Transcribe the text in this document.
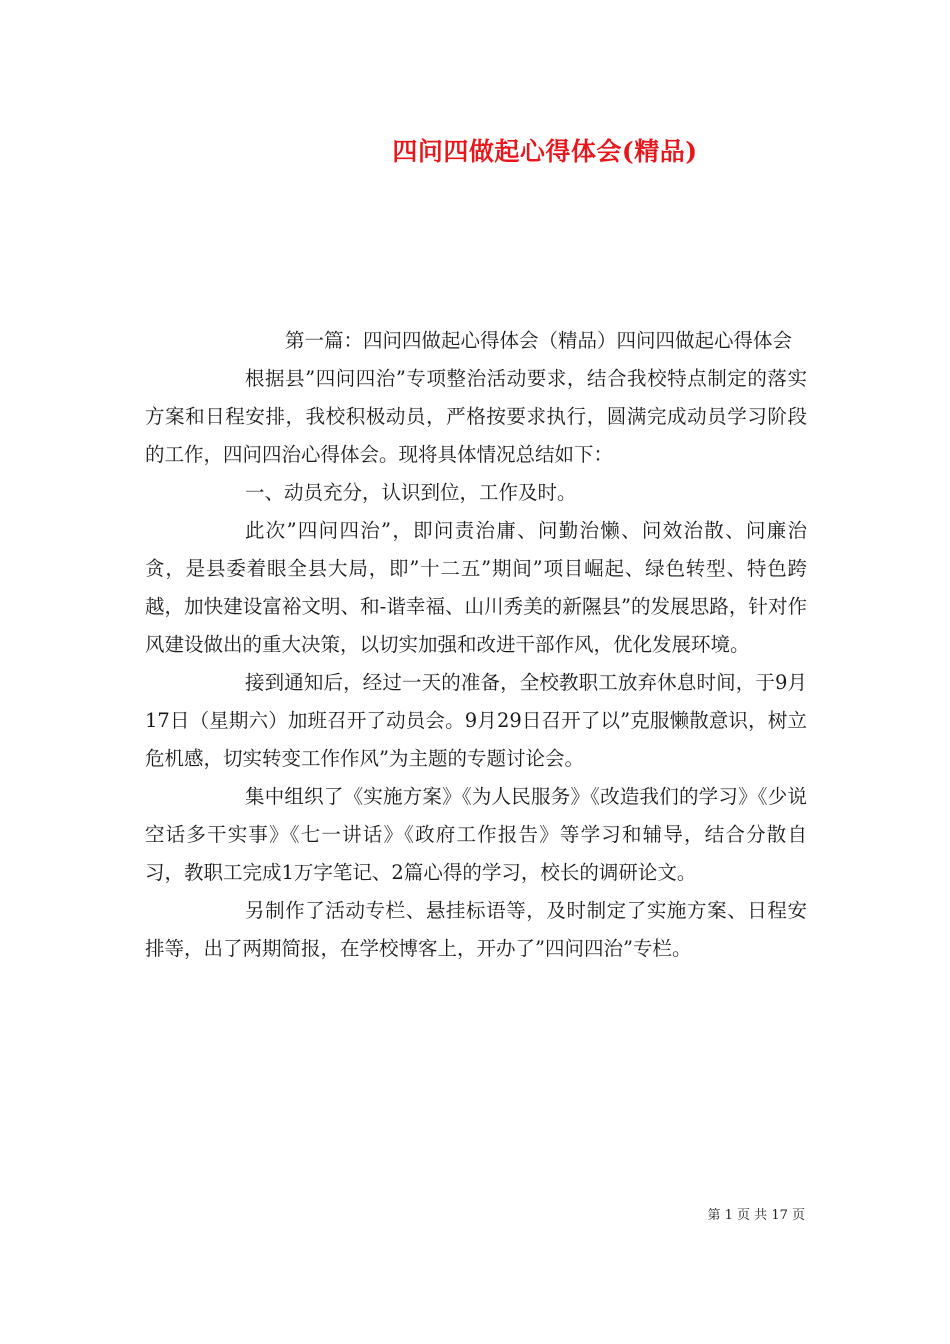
四问四做起心得体会(精品)

第一篇：四问四做起心得体会（精品）四问四做起心得体会

根据县”四问四治”专项整治活动要求，结合我校特点制定的落实方案和日程安排，我校积极动员，严格按要求执行，圆满完成动员学习阶段的工作，四问四治心得体会。现将具体情况总结如下：

一、动员充分，认识到位，工作及时。

此次”四问四治”，即问责治庸、问勤治懒、问效治散、问廉治贪，是县委着眼全县大局，即”十二五”期间”项目崛起、绿色转型、特色跨越，加快建设富裕文明、和-谐幸福、山川秀美的新隰县”的发展思路，针对作风建设做出的重大决策，以切实加强和改进干部作风，优化发展环境。

接到通知后，经过一天的准备，全校教职工放弃休息时间，于9月17日（星期六）加班召开了动员会。9月29日召开了以”克服懒散意识，树立危机感，切实转变工作作风”为主题的专题讨论会。

集中组织了《实施方案》《为人民服务》《改造我们的学习》《少说空话多干实事》《七一讲话》《政府工作报告》等学习和辅导，结合分散自习，教职工完成1万字笔记、2篇心得的学习，校长的调研论文。

另制作了活动专栏、悬挂标语等，及时制定了实施方案、日程安排等，出了两期简报，在学校博客上，开办了”四问四治”专栏。

第 1 页 共 17 页
